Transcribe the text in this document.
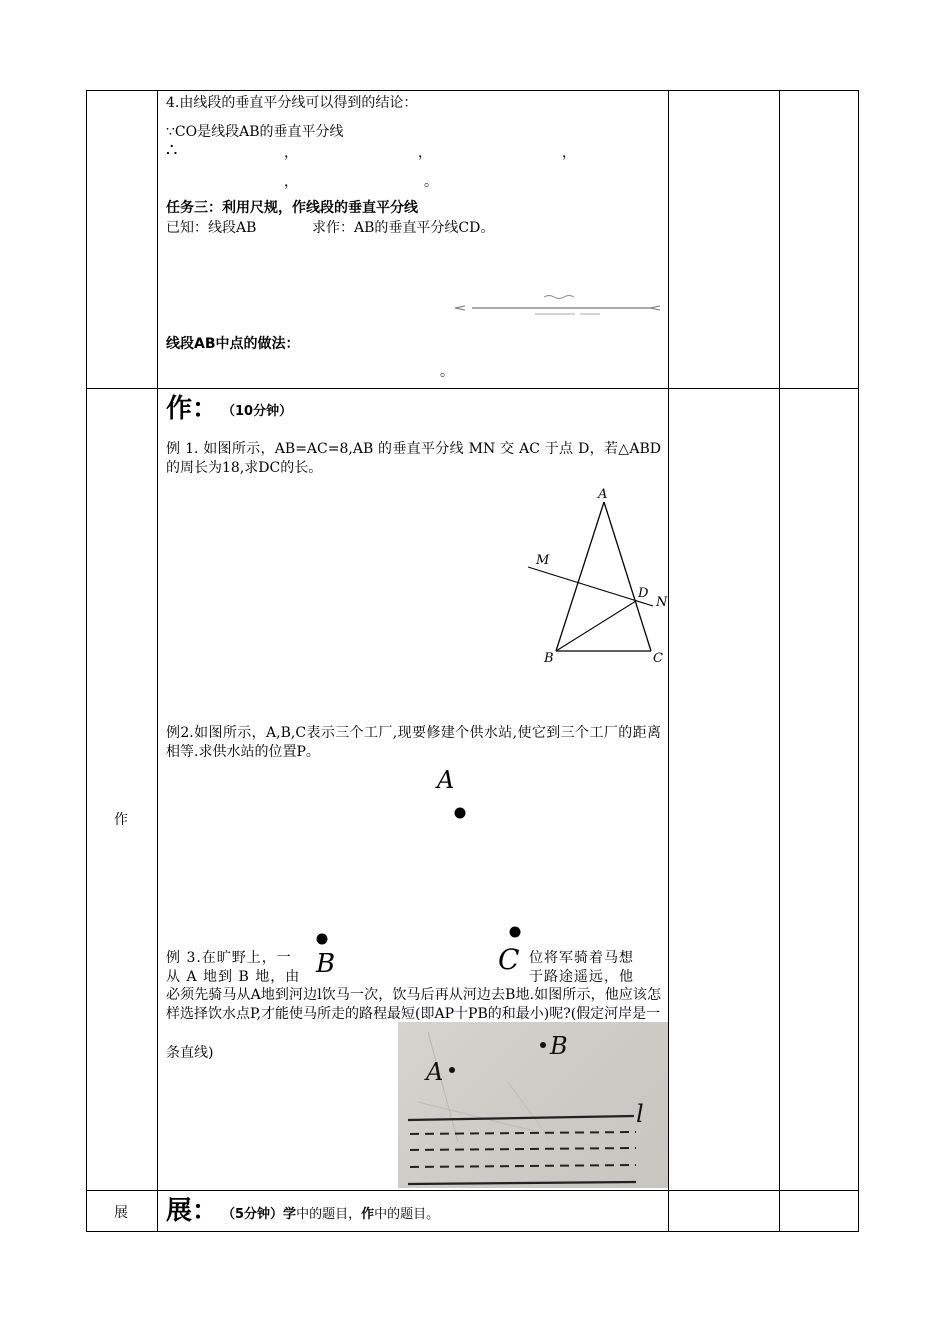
4.由线段的垂直平分线可以得到的结论：
∵CO是线段AB的垂直平分线
∴	，	，	，
，	。
任务三：利用尺规，作线段的垂直平分线
已知：线段AB	求作：AB的垂直平分线CD。
线段AB中点的做法：
。
作
作： （10分钟）
例 1. 如图所示，AB=AC=8,AB 的垂直平分线 MN 交 AC 于点 D，若△ABD的周长为18,求DC的长。
A
B	C
D
M
N
例2.如图所示，A,B,C表示三个工厂,现要修建个供水站,使它到三个工厂的距离相等.求供水站的位置P。
A
B	C
例 3.在旷野上，一	位将军骑着马想
从 A 地到 B 地，由	于路途遥远，他
必须先骑马从A地到河边l饮马一次，饮马后再从河边去B地.如图所示，他应该怎样选择饮水点P,才能使马所走的路程最短(即AP十PB的和最小)呢?(假定河岸是一
条直线)	B
A
l
展 展： （5分钟）学中的题目，作中的题目。
